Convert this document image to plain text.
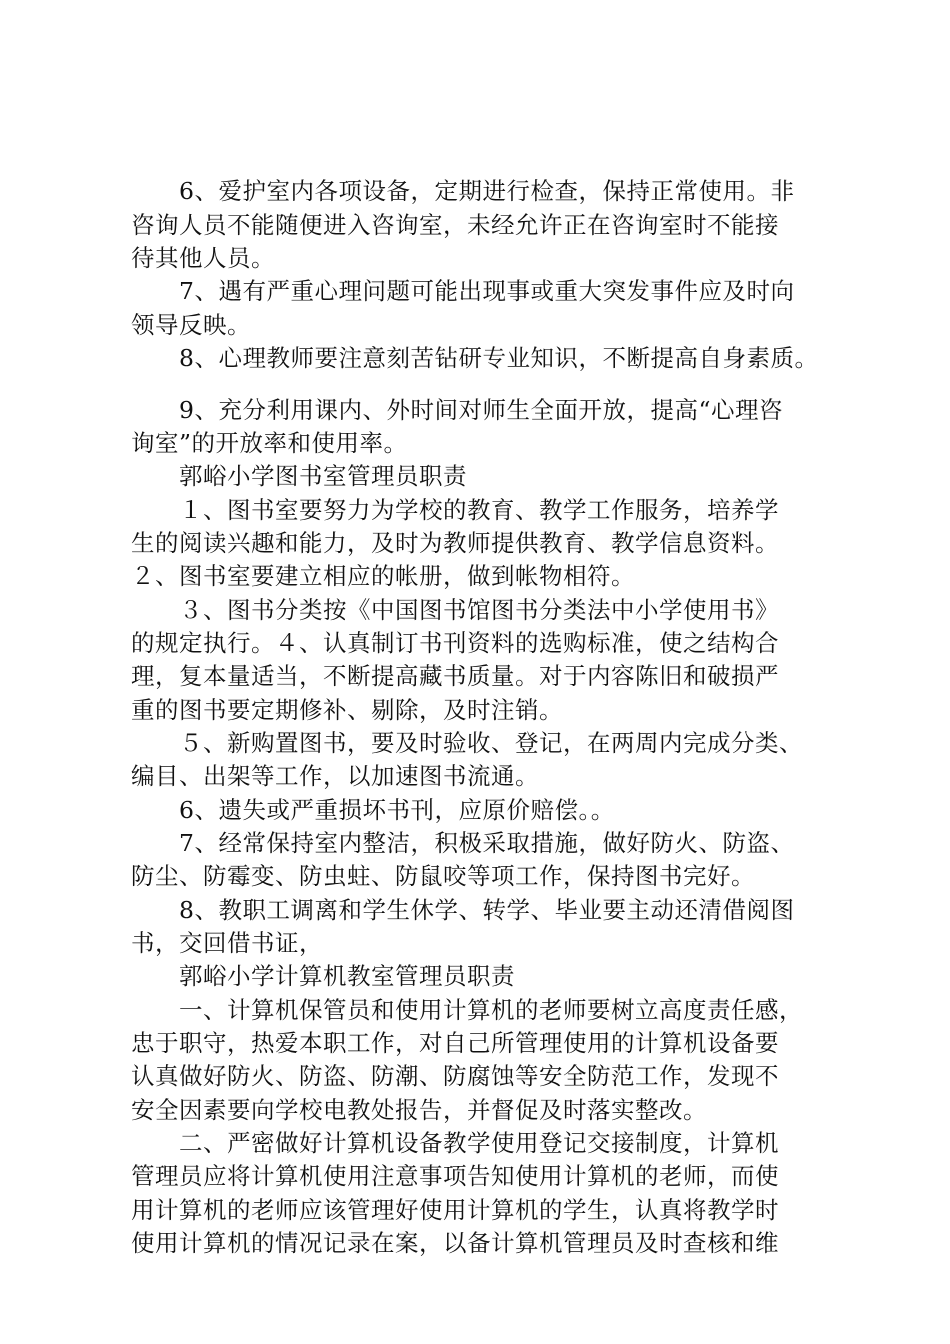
　　6、爱护室内各项设备，定期进行检查，保持正常使用。非
咨询人员不能随便进入咨询室，未经允许正在咨询室时不能接
待其他人员。
　　7、遇有严重心理问题可能出现事或重大突发事件应及时向
领导反映。
　　8、心理教师要注意刻苦钻研专业知识，不断提高自身素质。
　　9、充分利用课内、外时间对师生全面开放，提高“心理咨
询室”的开放率和使用率。
　　郭峪小学图书室管理员职责
　　１、图书室要努力为学校的教育、教学工作服务，培养学
生的阅读兴趣和能力，及时为教师提供教育、教学信息资料。
２、图书室要建立相应的帐册，做到帐物相符。
　　３、图书分类按《中国图书馆图书分类法中小学使用书》
的规定执行。４、认真制订书刊资料的选购标准，使之结构合
理，复本量适当，不断提高藏书质量。对于内容陈旧和破损严
重的图书要定期修补、剔除，及时注销。
　　５、新购置图书，要及时验收、登记，在两周内完成分类、
编目、出架等工作，以加速图书流通。
　　6、遗失或严重损坏书刊，应原价赔偿。。
　　7、经常保持室内整洁，积极采取措施，做好防火、防盗、
防尘、防霉变、防虫蛀、防鼠咬等项工作，保持图书完好。
　　8、教职工调离和学生休学、转学、毕业要主动还清借阅图
书，交回借书证，
　　郭峪小学计算机教室管理员职责
　　一、计算机保管员和使用计算机的老师要树立高度责任感，
忠于职守，热爱本职工作，对自己所管理使用的计算机设备要
认真做好防火、防盗、防潮、防腐蚀等安全防范工作，发现不
安全因素要向学校电教处报告，并督促及时落实整改。
　　二、严密做好计算机设备教学使用登记交接制度，计算机
管理员应将计算机使用注意事项告知使用计算机的老师，而使
用计算机的老师应该管理好使用计算机的学生，认真将教学时
使用计算机的情况记录在案，以备计算机管理员及时查核和维
